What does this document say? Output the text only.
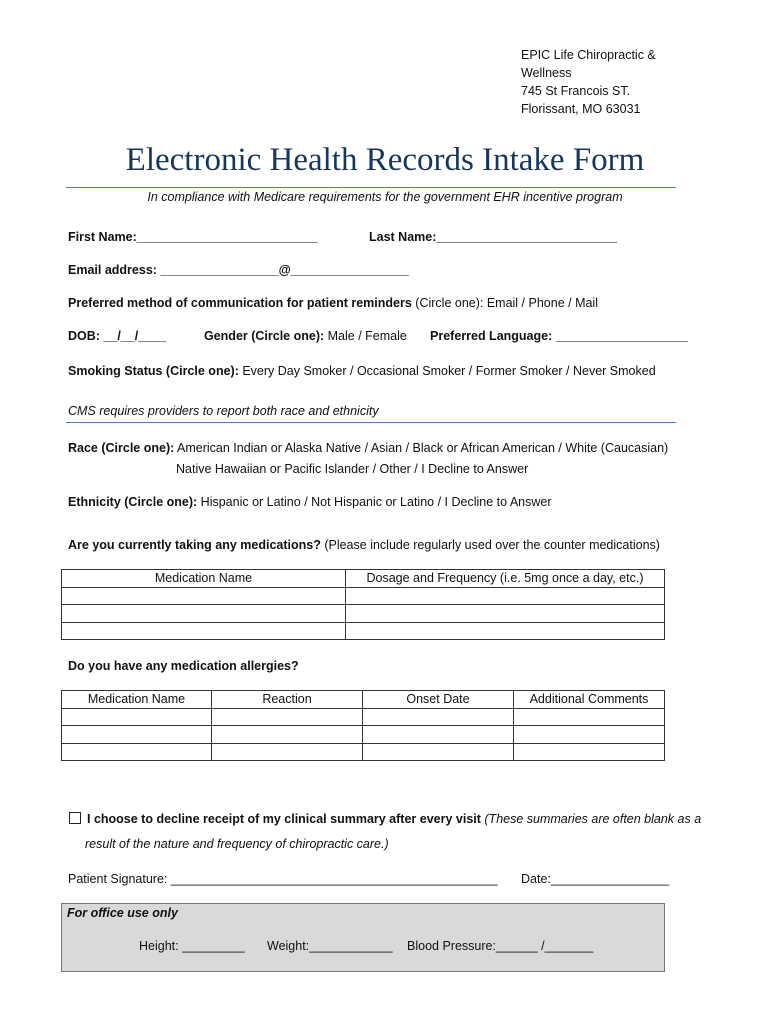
EPIC Life Chiropractic &
Wellness
745 St Francois ST.
Florissant, MO 63031
Electronic Health Records Intake Form
In compliance with Medicare requirements for the government EHR incentive program
First Name:__________________________	Last Name:__________________________
Email address: _________________@_________________
Preferred method of communication for patient reminders (Circle one): Email / Phone / Mail
DOB: __/__/____	Gender (Circle one): Male / Female Preferred Language: ___________________
Smoking Status (Circle one): Every Day Smoker / Occasional Smoker / Former Smoker / Never Smoked
CMS requires providers to report both race and ethnicity
Race (Circle one): American Indian or Alaska Native / Asian / Black or African American / White (Caucasian)
Native Hawaiian or Pacific Islander / Other / I Decline to Answer
Ethnicity (Circle one): Hispanic or Latino / Not Hispanic or Latino / I Decline to Answer
Are you currently taking any medications? (Please include regularly used over the counter medications)
Medication Name	Dosage and Frequency (i.e. 5mg once a day, etc.)

Do you have any medication allergies?
Medication Name	Reaction	Onset Date	Additional Comments

I choose to decline receipt of my clinical summary after every visit (These summaries are often blank as a
result of the nature and frequency of chiropractic care.)
Patient Signature: _______________________________________________ Date:_________________
For office use only
Height: _________ Weight:____________ Blood Pressure:______ /_______
